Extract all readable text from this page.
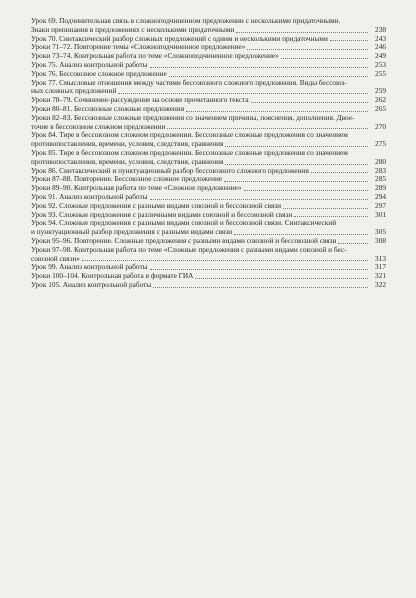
Урок 69. Подчинительная связь в сложноподчиненном предложении с несколькими придаточными.
Знаки препинания в предложениях с несколькими придаточными	238
Урок 70. Синтаксический разбор сложных предложений с одним и несколькими придаточными	243
Уроки 71–72. Повторение темы «Сложноподчиненное предложение»	246
Уроки 73–74. Контрольная работа по теме «Сложноподчиненное предложение»	249
Урок 75. Анализ контрольной работы	253
Урок 76. Бессоюзное сложное предложение	255
Урок 77. Смысловые отношения между частями бессоюзного сложного предложения. Виды бессоюз-
ных сложных предложений	259
Уроки 78–79. Сочинение-рассуждение на основе прочитанного текста	262
Уроки 80–81. Бессоюзные сложные предложения	265
Уроки 82–83. Бессоюзные сложные предложения со значением причины, пояснения, дополнения. Двое-
точие в бессоюзном сложном предложении	270
Урок 84. Тире в бессоюзном сложном предложении. Бессоюзные сложные предложения со значением
противопоставления, времени, условия, следствия, сравнения	275
Урок 85. Тире в бессоюзном сложном предложении. Бессоюзные сложные предложения со значением
противопоставления, времени, условия, следствия, сравнения	280
Урок 86. Синтаксический и пунктуационный разбор бессоюзного сложного предложения	283
Уроки 87–88. Повторение. Бессоюзное сложное предложение	285
Уроки 89–90. Контрольная работа по теме «Сложное предложение»	289
Урок 91. Анализ контрольной работы	294
Урок 92. Сложные предложения с разными видами союзной и бессоюзной связи	297
Урок 93. Сложные предложения с различными видами союзной и бессоюзной связи	301
Урок 94. Сложные предложения с разными видами союзной и бессоюзной связи. Синтаксический
и пунктуационный разбор предложения с разными видами связи	305
Уроки 95–96. Повторение. Сложные предложения с разными видами союзной и бессоюзной связи	308
Уроки 97–98. Контрольная работа по теме «Сложные предложения с разными видами союзной и бес-
союзной связи»	313
Урок 99. Анализ контрольной работы	317
Уроки 100–104. Контрольная работа в формате ГИА	321
Урок 105. Анализ контрольной работы	322
